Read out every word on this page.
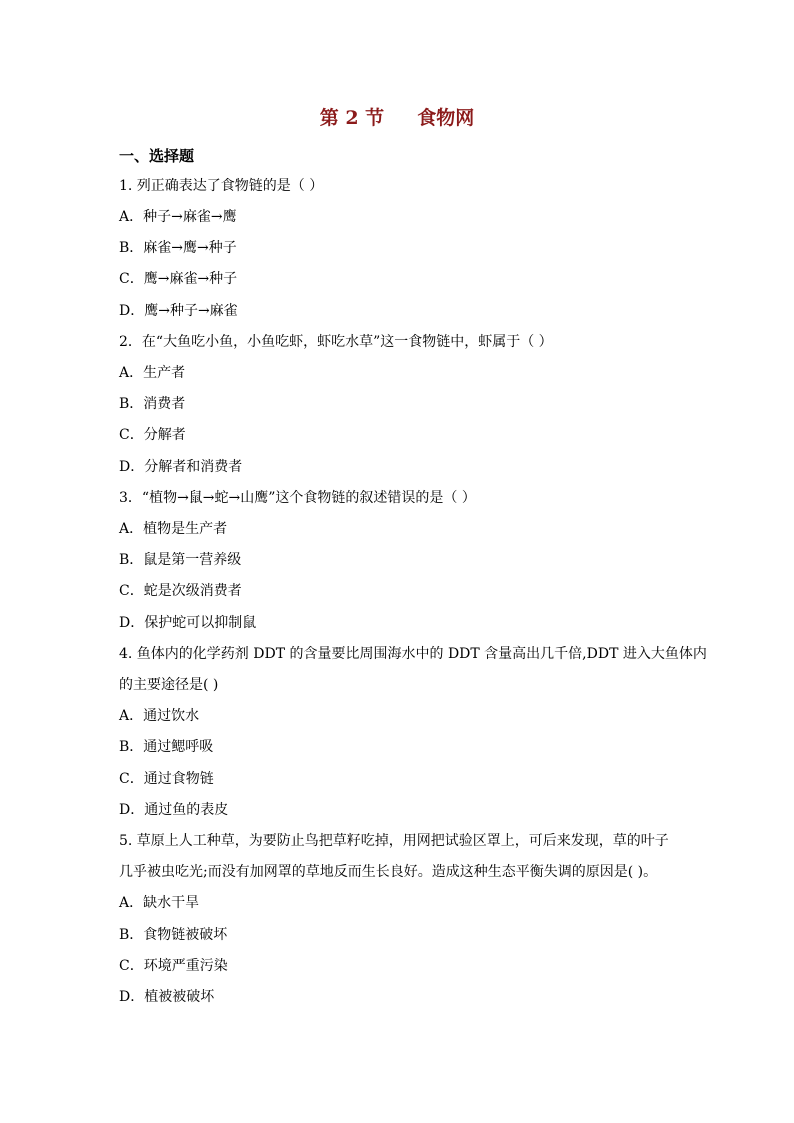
第 2 节     食物网
一、选择题
1. 列正确表达了食物链的是（ ）
A．种子→麻雀→鹰
B．麻雀→鹰→种子
C．鹰→麻雀→种子
D．鹰→种子→麻雀
2．在“大鱼吃小鱼，小鱼吃虾，虾吃水草”这一食物链中，虾属于（ ）
A．生产者
B．消费者
C．分解者
D．分解者和消费者
3．“植物→鼠→蛇→山鹰”这个食物链的叙述错误的是（ ）
A．植物是生产者
B．鼠是第一营养级
C．蛇是次级消费者
D．保护蛇可以抑制鼠
4. 鱼体内的化学药剂 DDT 的含量要比周围海水中的 DDT 含量高出几千倍,DDT 进入大鱼体内
的主要途径是( )
A．通过饮水
B．通过鳃呼吸
C．通过食物链
D．通过鱼的表皮
5. 草原上人工种草，为要防止鸟把草籽吃掉，用网把试验区罩上，可后来发现，草的叶子
几乎被虫吃光;而没有加网罩的草地反而生长良好。造成这种生态平衡失调的原因是( )。
A．缺水干旱
B．食物链被破坏
C．环境严重污染
D．植被被破坏
